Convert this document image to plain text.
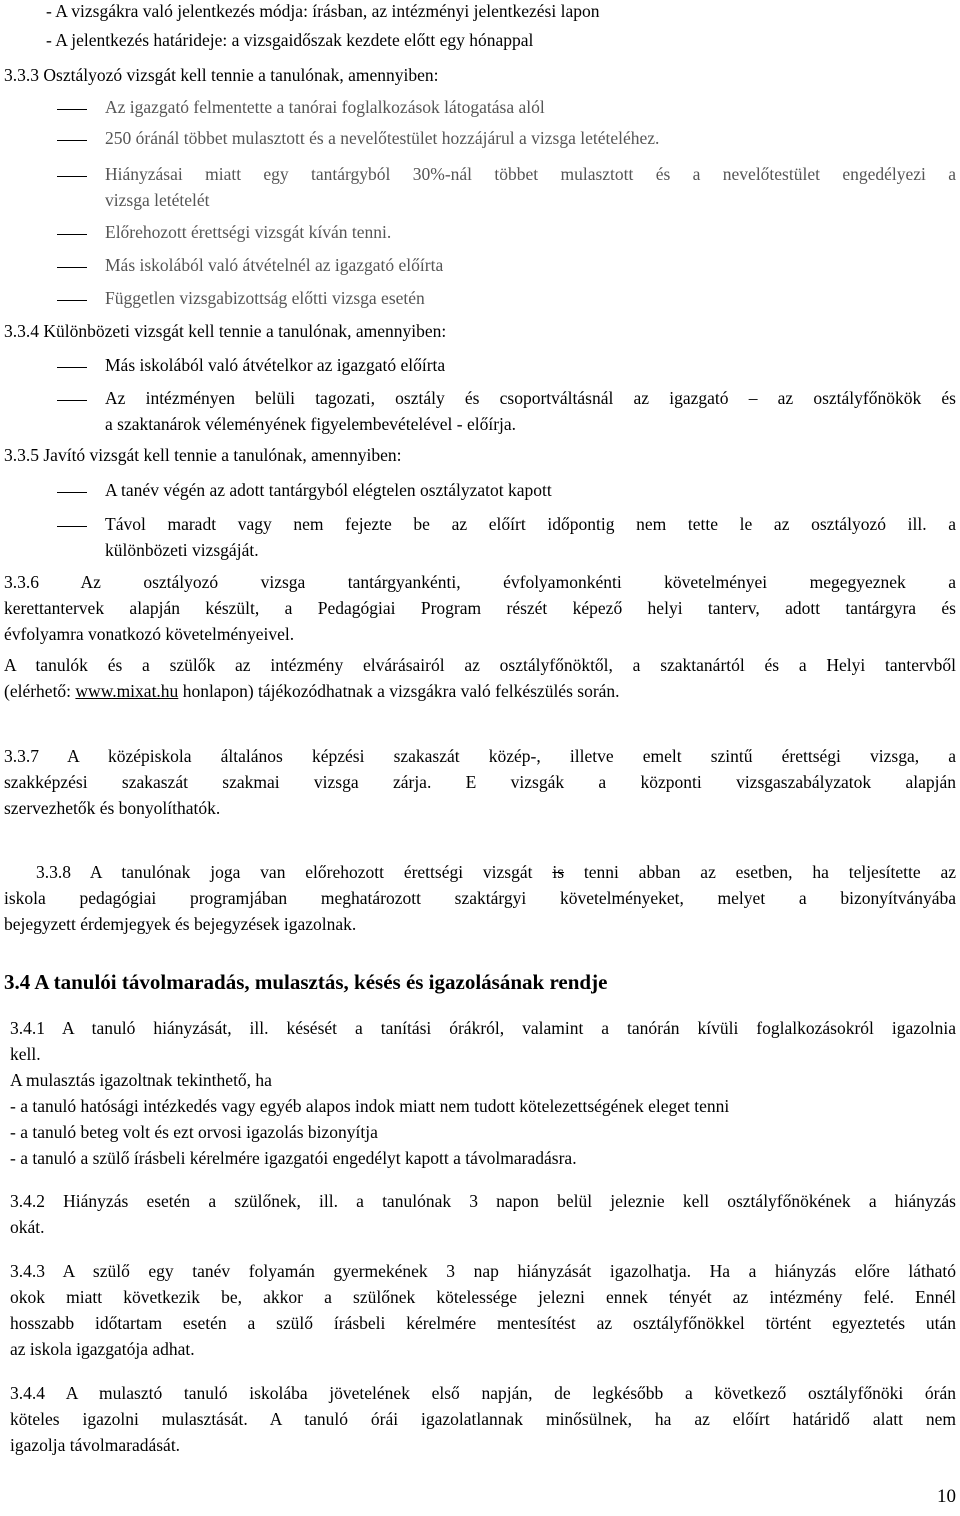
- A vizsgákra való jelentkezés módja: írásban, az intézményi jelentkezési lapon
- A jelentkezés határideje: a vizsgaidőszak kezdete előtt egy hónappal
3.3.3 Osztályozó vizsgát kell tennie a tanulónak, amennyiben:
Az igazgató felmentette a tanórai foglalkozások látogatása alól
250 óránál többet mulasztott és a nevelőtestület hozzájárul a vizsga letételéhez.
Hiányzásai miatt egy tantárgyból 30%-nál többet mulasztott és a nevelőtestület engedélyezi a
vizsga letételét
Előrehozott érettségi vizsgát kíván tenni.
Más iskolából való átvételnél az igazgató előírta
Független vizsgabizottság előtti vizsga esetén
3.3.4 Különbözeti vizsgát kell tennie a tanulónak, amennyiben:
Más iskolából való átvételkor az igazgató előírta
Az intézményen belüli tagozati, osztály és csoportváltásnál az igazgató – az osztályfőnökök és
a szaktanárok véleményének figyelembevételével - előírja.
3.3.5 Javító vizsgát kell tennie a tanulónak, amennyiben:
A tanév végén az adott tantárgyból elégtelen osztályzatot kapott
Távol maradt vagy nem fejezte be az előírt időpontig nem tette le az osztályozó ill. a
különbözeti vizsgáját.
3.3.6 Az osztályozó vizsga tantárgyankénti, évfolyamonkénti követelményei megegyeznek a
kerettantervek alapján készült, a Pedagógiai Program részét képező helyi tanterv, adott tantárgyra és
évfolyamra vonatkozó követelményeivel.
A tanulók és a szülők az intézmény elvárásairól az osztályfőnöktől, a szaktanártól és a Helyi tantervből
(elérhető: www.mixat.hu honlapon) tájékozódhatnak a vizsgákra való felkészülés során.
3.3.7 A középiskola általános képzési szakaszát közép-, illetve emelt szintű érettségi vizsga, a
szakképzési szakaszát szakmai vizsga zárja. E vizsgák a központi vizsgaszabályzatok alapján
szervezhetők és bonyolíthatók.
3.3.8 A tanulónak joga van előrehozott érettségi vizsgát is tenni abban az esetben, ha teljesítette az
iskola pedagógiai programjában meghatározott szaktárgyi követelményeket, melyet a bizonyítványába
bejegyzett érdemjegyek és bejegyzések igazolnak.
3.4 A tanulói távolmaradás, mulasztás, késés és igazolásának rendje
3.4.1 A tanuló hiányzását, ill. késését a tanítási órákról, valamint a tanórán kívüli foglalkozásokról igazolnia
kell.
A mulasztás igazoltnak tekinthető, ha
- a tanuló hatósági intézkedés vagy egyéb alapos indok miatt nem tudott kötelezettségének eleget tenni
- a tanuló beteg volt és ezt orvosi igazolás bizonyítja
- a tanuló a szülő írásbeli kérelmére igazgatói engedélyt kapott a távolmaradásra.
3.4.2 Hiányzás esetén a szülőnek, ill. a tanulónak 3 napon belül jeleznie kell osztályfőnökének a hiányzás
okát.
3.4.3 A szülő egy tanév folyamán gyermekének 3 nap hiányzását igazolhatja. Ha a hiányzás előre látható
okok miatt következik be, akkor a szülőnek kötelessége jelezni ennek tényét az intézmény felé. Ennél
hosszabb időtartam esetén a szülő írásbeli kérelmére mentesítést az osztályfőnökkel történt egyeztetés után
az iskola igazgatója adhat.
3.4.4 A mulasztó tanuló iskolába jövetelének első napján, de legkésőbb a következő osztályfőnöki órán
köteles igazolni mulasztását. A tanuló órái igazolatlannak minősülnek, ha az előírt határidő alatt nem
igazolja távolmaradását.
10
